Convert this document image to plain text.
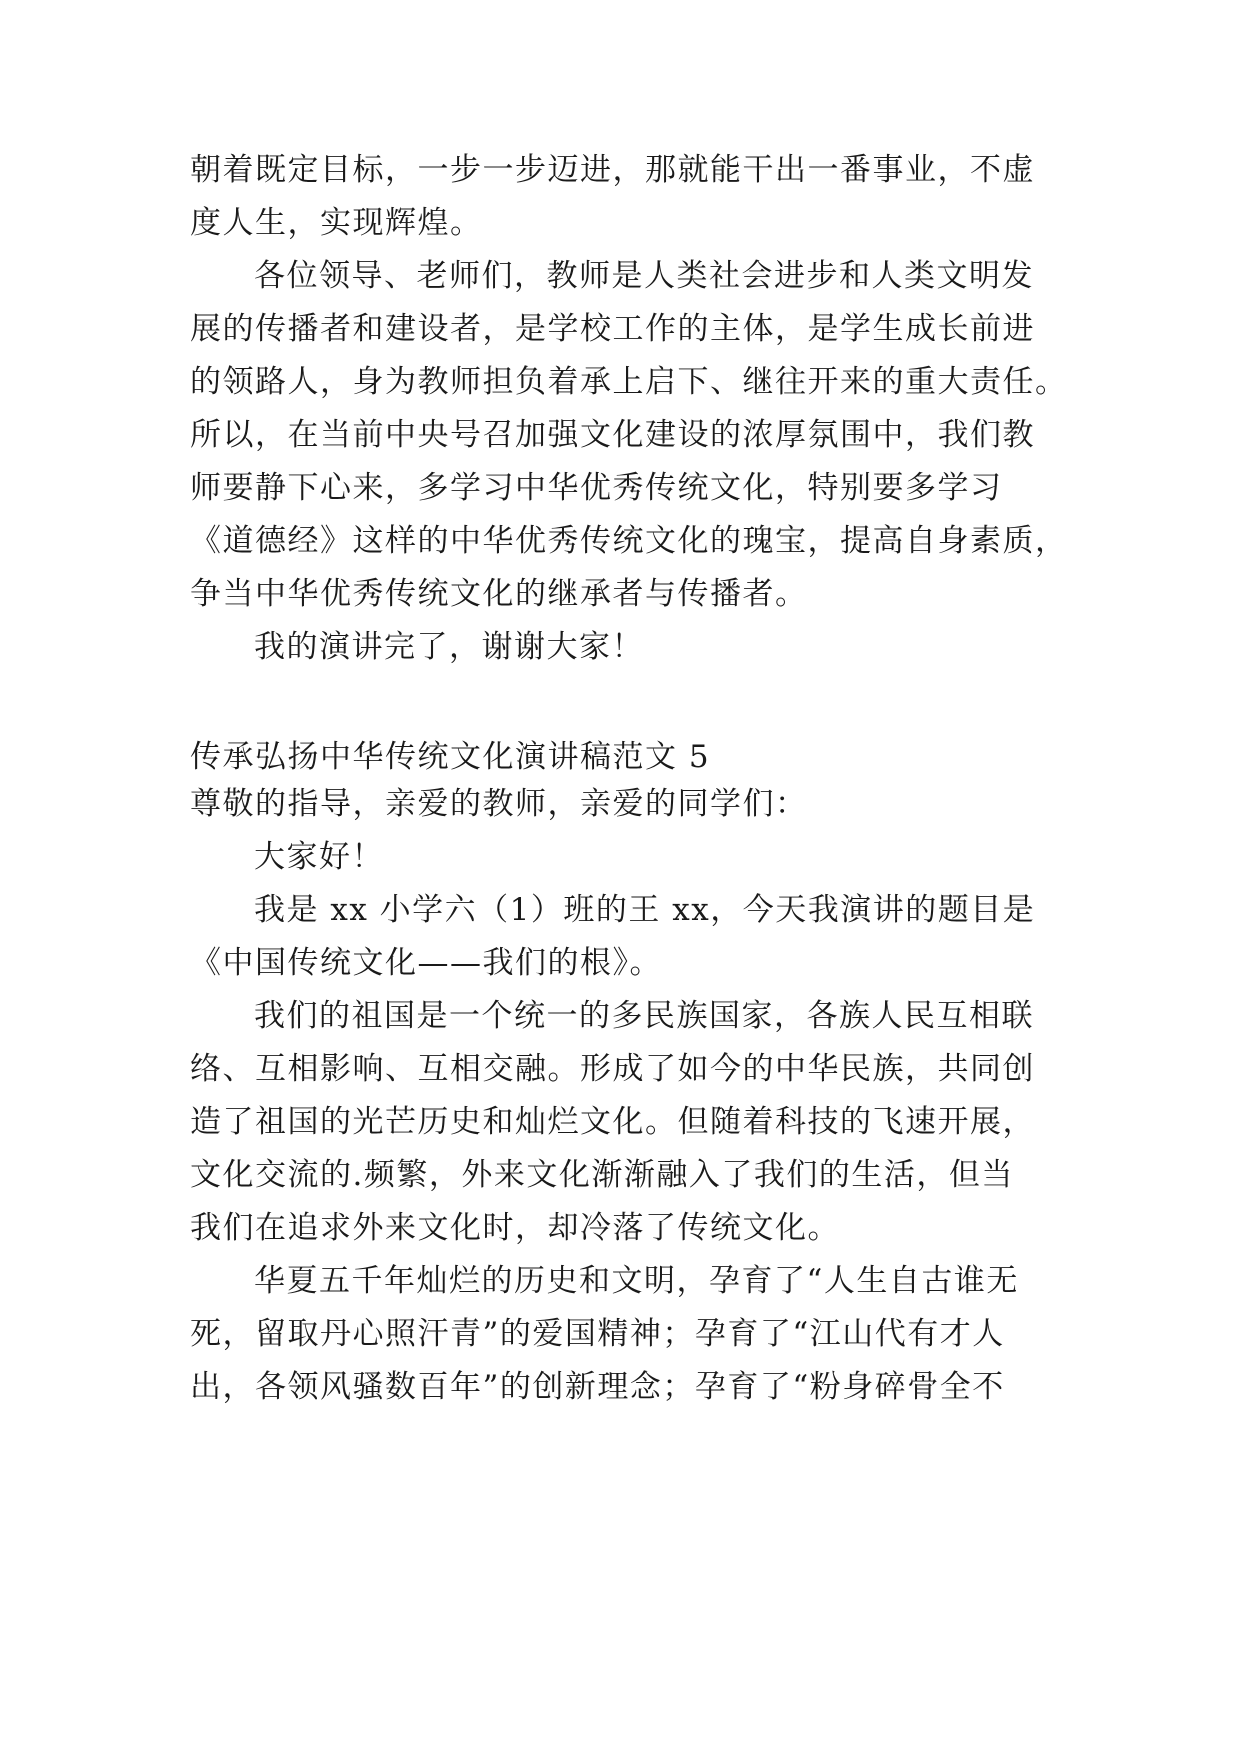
朝着既定目标，一步一步迈进，那就能干出一番事业，不虚
度人生，实现辉煌。
各位领导、老师们，教师是人类社会进步和人类文明发
展的传播者和建设者，是学校工作的主体，是学生成长前进
的领路人，身为教师担负着承上启下、继往开来的重大责任。
所以，在当前中央号召加强文化建设的浓厚氛围中，我们教
师要静下心来，多学习中华优秀传统文化，特别要多学习
《道德经》这样的中华优秀传统文化的瑰宝，提高自身素质，
争当中华优秀传统文化的继承者与传播者。
我的演讲完了，谢谢大家！
传承弘扬中华传统文化演讲稿范文 5
尊敬的指导，亲爱的教师，亲爱的同学们：
大家好！
我是 xx 小学六（1）班的王 xx，今天我演讲的题目是
《中国传统文化——我们的根》。
我们的祖国是一个统一的多民族国家，各族人民互相联
络、互相影响、互相交融。形成了如今的中华民族，共同创
造了祖国的光芒历史和灿烂文化。但随着科技的飞速开展，
文化交流的.频繁，外来文化渐渐融入了我们的生活，但当
我们在追求外来文化时，却冷落了传统文化。
华夏五千年灿烂的历史和文明，孕育了“人生自古谁无
死，留取丹心照汗青”的爱国精神；孕育了“江山代有才人
出，各领风骚数百年”的创新理念；孕育了“粉身碎骨全不
